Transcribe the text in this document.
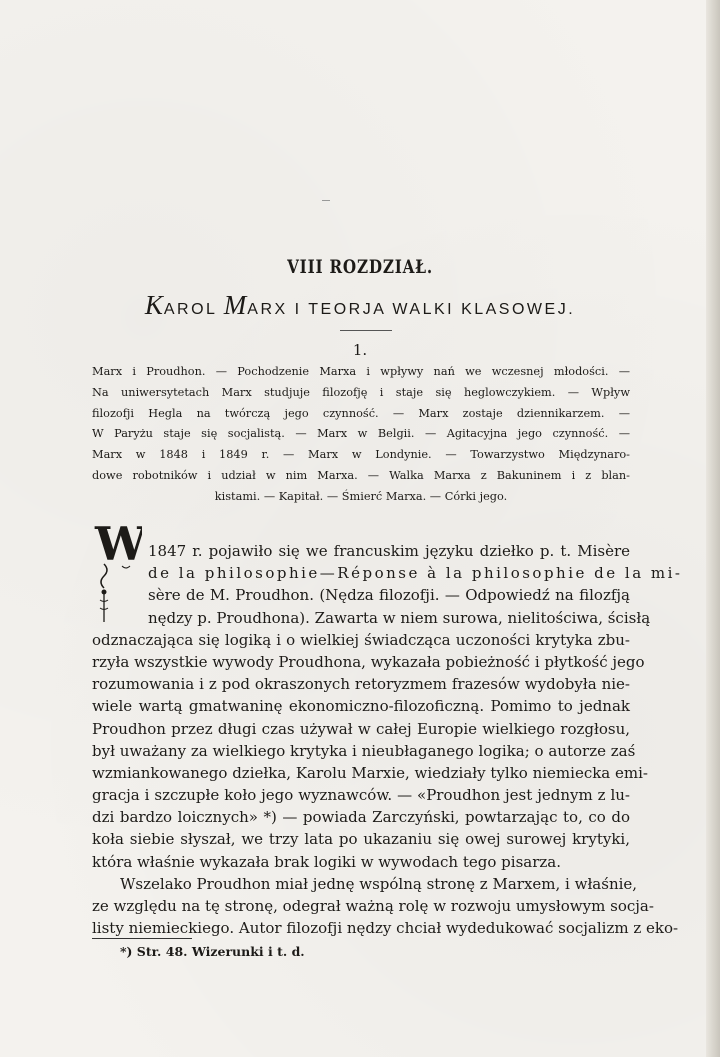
VIII ROZDZIAŁ.
KAROL MARX I TEORJA WALKI KLASOWEJ.
1.
Marx i Proudhon. — Pochodzenie Marxa i wpływy nań we wczesnej młodości. —
Na uniwersytetach Marx studjuje filozofję i staje się heglowczykiem. — Wpływ
filozofji Hegla na twórczą jego czynność. — Marx zostaje dziennikarzem. —
W Paryżu staje się socjalistą. — Marx w Belgii. — Agitacyjna jego czynność. —
Marx w 1848 i 1849 r. — Marx w Londynie. — Towarzystwo Międzynaro-
dowe robotników i udział w nim Marxa. — Walka Marxa z Bakuninem i z blan-
kistami. — Kapitał. — Śmierć Marxa. — Córki jego.
W 1847 r. pojawiło się we francuskim języku dziełko p. t. Misère
de la philosophie—Réponse à la philosophie de la mi-
sère de M. Proudhon. (Nędza filozofji. — Odpowiedź na filozfją
nędzy p. Proudhona). Zawarta w niem surowa, nielitościwa, ścisłą
odznaczająca się logiką i o wielkiej świadcząca uczoności krytyka zbu-
rzyła wszystkie wywody Proudhona, wykazała pobieżność i płytkość jego
rozumowania i z pod okraszonych retoryzmem frazesów wydobyła nie-
wiele wartą gmatwaninę ekonomiczno-filozoficzną. Pomimo to jednak
Proudhon przez długi czas używał w całej Europie wielkiego rozgłosu,
był uważany za wielkiego krytyka i nieubłaganego logika; o autorze zaś
wzmiankowanego dziełka, Karolu Marxie, wiedziały tylko niemiecka emi-
gracja i szczupłe koło jego wyznawców. — «Proudhon jest jednym z lu-
dzi bardzo loicznych» *) — powiada Zarczyński, powtarzając to, co do
koła siebie słyszał, we trzy lata po ukazaniu się owej surowej krytyki,
która właśnie wykazała brak logiki w wywodach tego pisarza.
Wszelako Proudhon miał jednę wspólną stronę z Marxem, i właśnie,
ze względu na tę stronę, odegrał ważną rolę w rozwoju umysłowym socja-
listy niemieckiego. Autor filozofji nędzy chciał wydedukować socjalizm z eko-
*) Str. 48. Wizerunki i t. d.
